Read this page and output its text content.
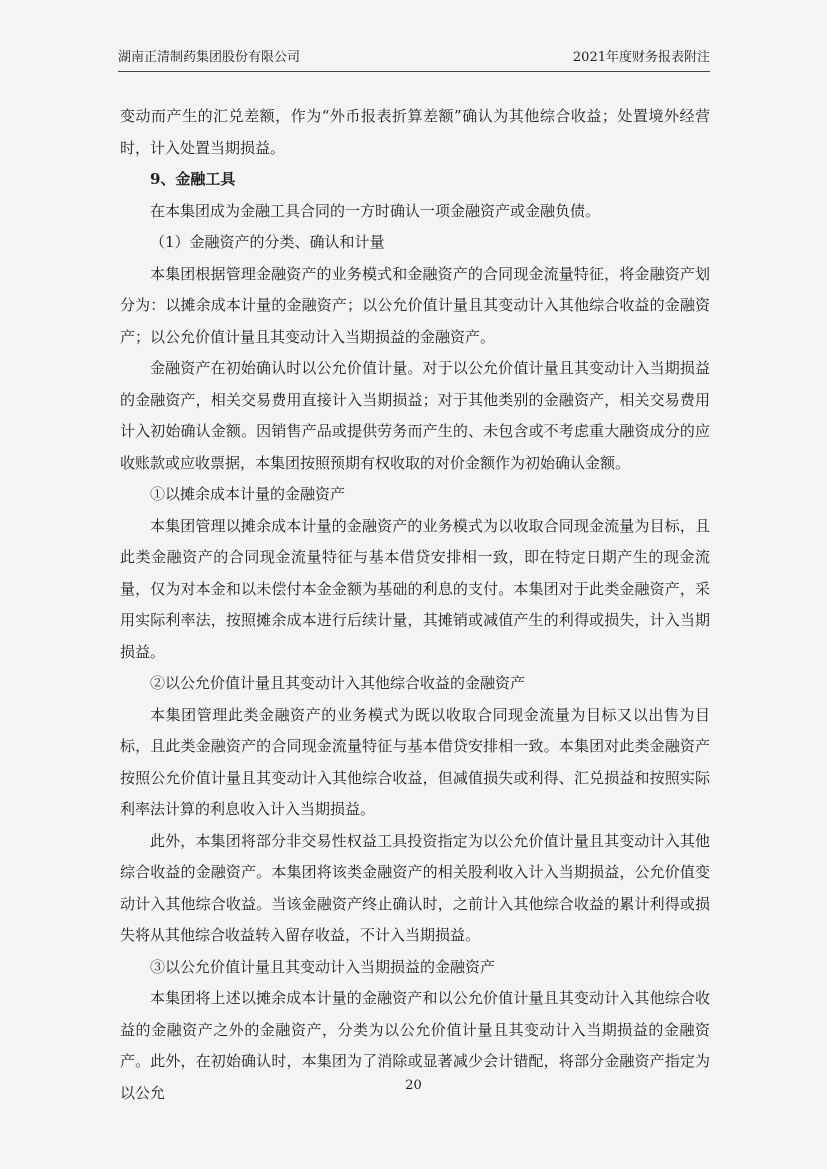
湖南正清制药集团股份有限公司	2021年度财务报表附注

变动而产生的汇兑差额，作为“外币报表折算差额”确认为其他综合收益；处置境外经营时，计入处置当期损益。

9、金融工具

在本集团成为金融工具合同的一方时确认一项金融资产或金融负债。

（1）金融资产的分类、确认和计量

本集团根据管理金融资产的业务模式和金融资产的合同现金流量特征，将金融资产划分为：以摊余成本计量的金融资产；以公允价值计量且其变动计入其他综合收益的金融资产；以公允价值计量且其变动计入当期损益的金融资产。

金融资产在初始确认时以公允价值计量。对于以公允价值计量且其变动计入当期损益的金融资产，相关交易费用直接计入当期损益；对于其他类别的金融资产，相关交易费用计入初始确认金额。因销售产品或提供劳务而产生的、未包含或不考虑重大融资成分的应收账款或应收票据，本集团按照预期有权收取的对价金额作为初始确认金额。

①以摊余成本计量的金融资产

本集团管理以摊余成本计量的金融资产的业务模式为以收取合同现金流量为目标，且此类金融资产的合同现金流量特征与基本借贷安排相一致，即在特定日期产生的现金流量，仅为对本金和以未偿付本金金额为基础的利息的支付。本集团对于此类金融资产，采用实际利率法，按照摊余成本进行后续计量，其摊销或减值产生的利得或损失，计入当期损益。

②以公允价值计量且其变动计入其他综合收益的金融资产

本集团管理此类金融资产的业务模式为既以收取合同现金流量为目标又以出售为目标，且此类金融资产的合同现金流量特征与基本借贷安排相一致。本集团对此类金融资产按照公允价值计量且其变动计入其他综合收益，但减值损失或利得、汇兑损益和按照实际利率法计算的利息收入计入当期损益。

此外，本集团将部分非交易性权益工具投资指定为以公允价值计量且其变动计入其他综合收益的金融资产。本集团将该类金融资产的相关股利收入计入当期损益，公允价值变动计入其他综合收益。当该金融资产终止确认时，之前计入其他综合收益的累计利得或损失将从其他综合收益转入留存收益，不计入当期损益。

③以公允价值计量且其变动计入当期损益的金融资产

本集团将上述以摊余成本计量的金融资产和以公允价值计量且其变动计入其他综合收益的金融资产之外的金融资产，分类为以公允价值计量且其变动计入当期损益的金融资产。此外，在初始确认时，本集团为了消除或显著减少会计错配，将部分金融资产指定为以公允	20
